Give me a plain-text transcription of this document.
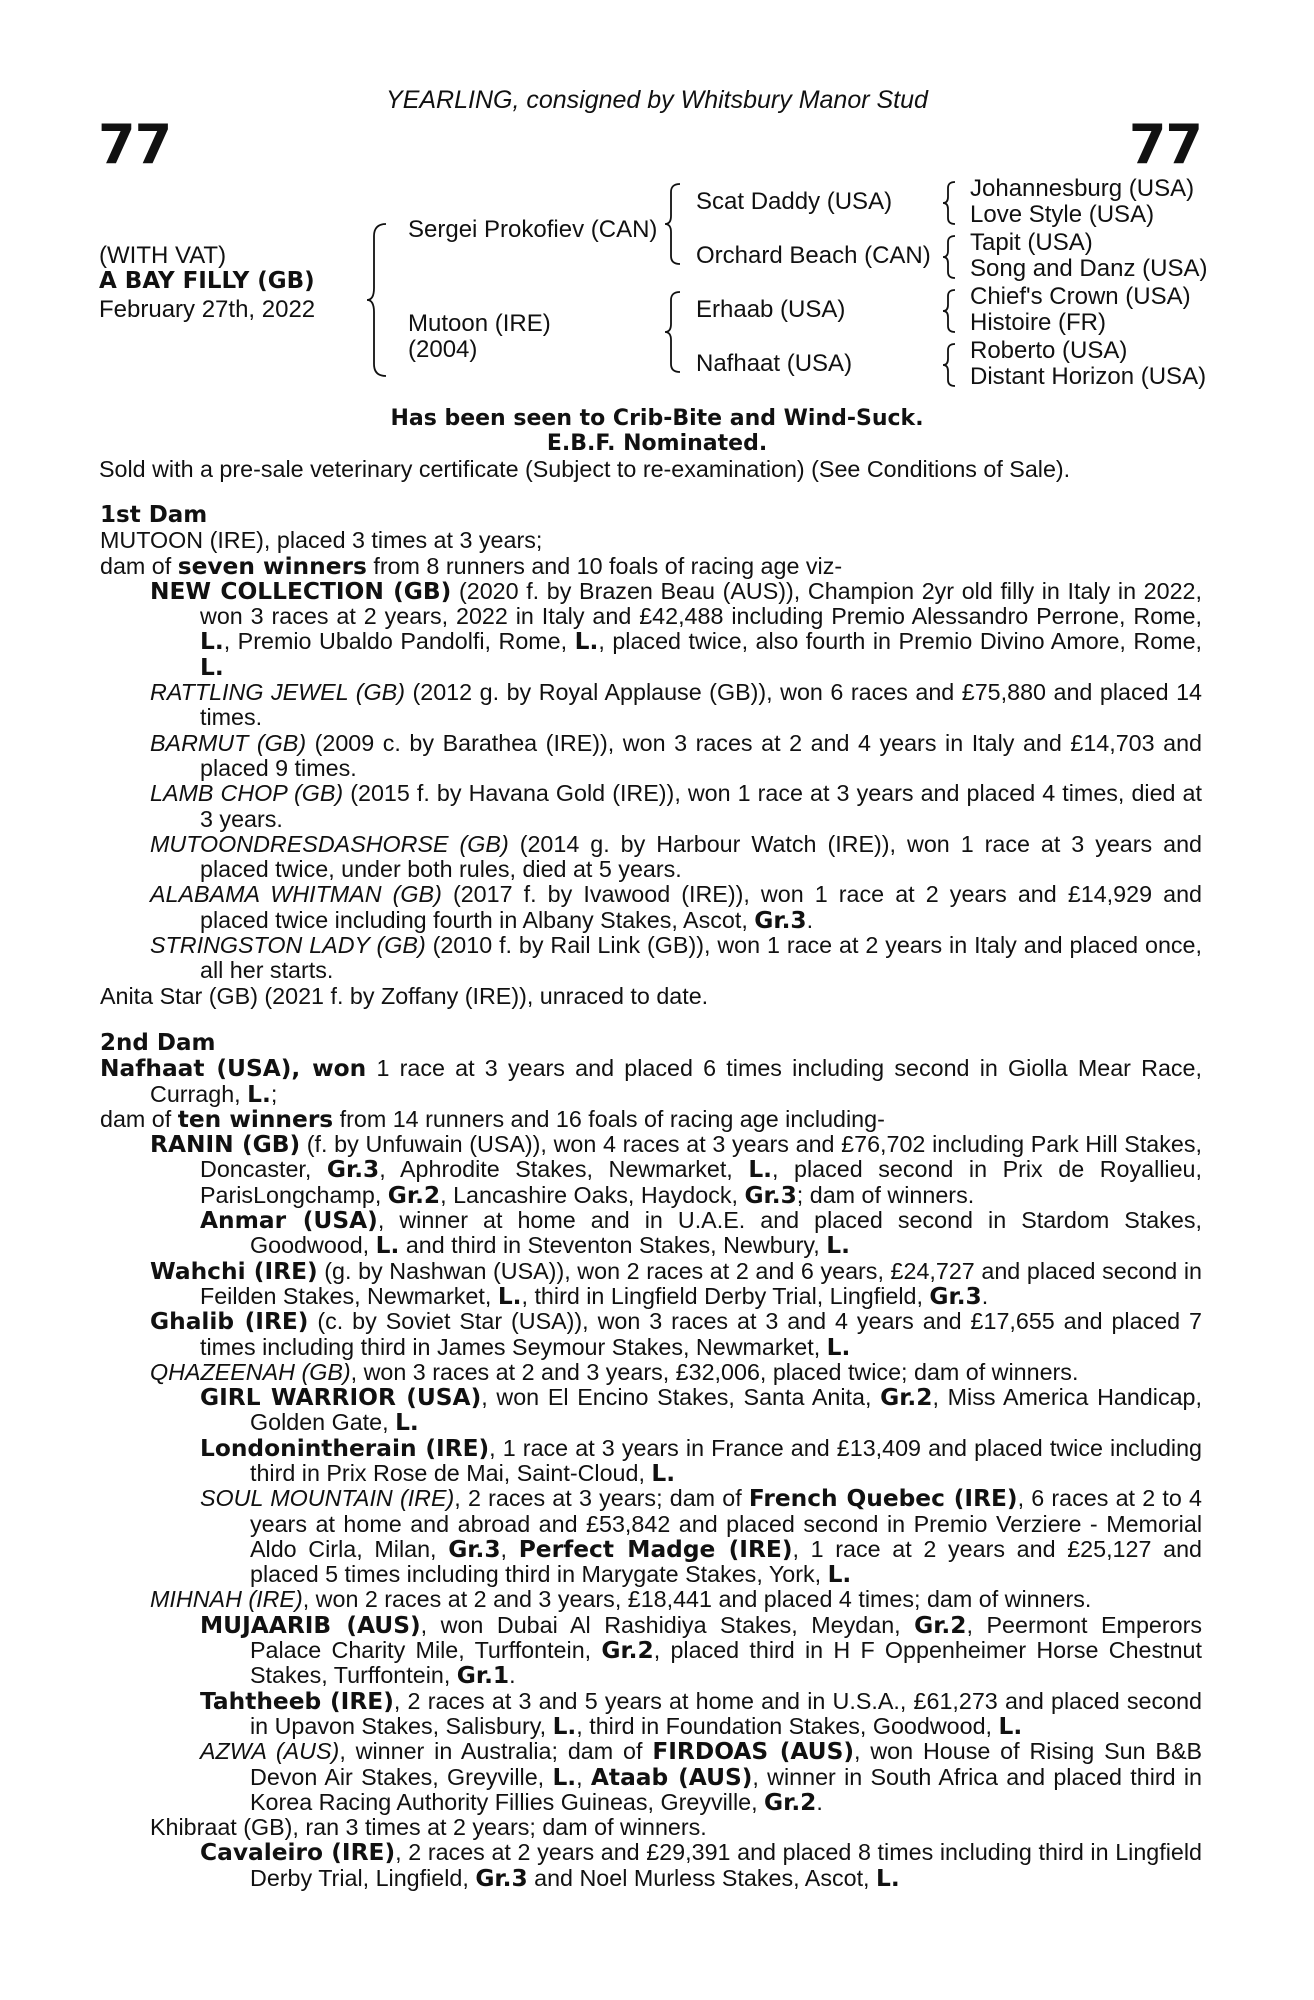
YEARLING, consigned by Whitsbury Manor Stud
77	77
(WITH VAT)
A BAY FILLY (GB)
February 27th, 2022
Sergei Prokofiev (CAN)
Mutoon (IRE)
(2004)
Scat Daddy (USA)
Orchard Beach (CAN)
Erhaab (USA)
Nafhaat (USA)
Johannesburg (USA)
Love Style (USA)
Tapit (USA)
Song and Danz (USA)
Chief's Crown (USA)
Histoire (FR)
Roberto (USA)
Distant Horizon (USA)
Has been seen to Crib-Bite and Wind-Suck.
E.B.F. Nominated.
Sold with a pre-sale veterinary certificate (Subject to re-examination) (See Conditions of Sale).
1st Dam
MUTOON (IRE), placed 3 times at 3 years;
dam of seven winners from 8 runners and 10 foals of racing age viz-
NEW COLLECTION (GB) (2020 f. by Brazen Beau (AUS)), Champion 2yr old filly in Italy in 2022, won 3 races at 2 years, 2022 in Italy and £42,488 including Premio Alessandro Perrone, Rome, L., Premio Ubaldo Pandolfi, Rome, L., placed twice, also fourth in Premio Divino Amore, Rome, L.
RATTLING JEWEL (GB) (2012 g. by Royal Applause (GB)), won 6 races and £75,880 and placed 14 times.
BARMUT (GB) (2009 c. by Barathea (IRE)), won 3 races at 2 and 4 years in Italy and £14,703 and placed 9 times.
LAMB CHOP (GB) (2015 f. by Havana Gold (IRE)), won 1 race at 3 years and placed 4 times, died at 3 years.
MUTOONDRESDASHORSE (GB) (2014 g. by Harbour Watch (IRE)), won 1 race at 3 years and placed twice, under both rules, died at 5 years.
ALABAMA WHITMAN (GB) (2017 f. by Ivawood (IRE)), won 1 race at 2 years and £14,929 and placed twice including fourth in Albany Stakes, Ascot, Gr.3.
STRINGSTON LADY (GB) (2010 f. by Rail Link (GB)), won 1 race at 2 years in Italy and placed once, all her starts.
Anita Star (GB) (2021 f. by Zoffany (IRE)), unraced to date.
2nd Dam
Nafhaat (USA), won 1 race at 3 years and placed 6 times including second in Giolla Mear Race, Curragh, L.;
dam of ten winners from 14 runners and 16 foals of racing age including-
RANIN (GB) (f. by Unfuwain (USA)), won 4 races at 3 years and £76,702 including Park Hill Stakes, Doncaster, Gr.3, Aphrodite Stakes, Newmarket, L., placed second in Prix de Royallieu, ParisLongchamp, Gr.2, Lancashire Oaks, Haydock, Gr.3; dam of winners.
Anmar (USA), winner at home and in U.A.E. and placed second in Stardom Stakes, Goodwood, L. and third in Steventon Stakes, Newbury, L.
Wahchi (IRE) (g. by Nashwan (USA)), won 2 races at 2 and 6 years, £24,727 and placed second in Feilden Stakes, Newmarket, L., third in Lingfield Derby Trial, Lingfield, Gr.3.
Ghalib (IRE) (c. by Soviet Star (USA)), won 3 races at 3 and 4 years and £17,655 and placed 7 times including third in James Seymour Stakes, Newmarket, L.
QHAZEENAH (GB), won 3 races at 2 and 3 years, £32,006, placed twice; dam of winners.
GIRL WARRIOR (USA), won El Encino Stakes, Santa Anita, Gr.2, Miss America Handicap, Golden Gate, L.
Londonintherain (IRE), 1 race at 3 years in France and £13,409 and placed twice including third in Prix Rose de Mai, Saint-Cloud, L.
SOUL MOUNTAIN (IRE), 2 races at 3 years; dam of French Quebec (IRE), 6 races at 2 to 4 years at home and abroad and £53,842 and placed second in Premio Verziere - Memorial Aldo Cirla, Milan, Gr.3, Perfect Madge (IRE), 1 race at 2 years and £25,127 and placed 5 times including third in Marygate Stakes, York, L.
MIHNAH (IRE), won 2 races at 2 and 3 years, £18,441 and placed 4 times; dam of winners.
MUJAARIB (AUS), won Dubai Al Rashidiya Stakes, Meydan, Gr.2, Peermont Emperors Palace Charity Mile, Turffontein, Gr.2, placed third in H F Oppenheimer Horse Chestnut Stakes, Turffontein, Gr.1.
Tahtheeb (IRE), 2 races at 3 and 5 years at home and in U.S.A., £61,273 and placed second in Upavon Stakes, Salisbury, L., third in Foundation Stakes, Goodwood, L.
AZWA (AUS), winner in Australia; dam of FIRDOAS (AUS), won House of Rising Sun B&B Devon Air Stakes, Greyville, L., Ataab (AUS), winner in South Africa and placed third in Korea Racing Authority Fillies Guineas, Greyville, Gr.2.
Khibraat (GB), ran 3 times at 2 years; dam of winners.
Cavaleiro (IRE), 2 races at 2 years and £29,391 and placed 8 times including third in Lingfield Derby Trial, Lingfield, Gr.3 and Noel Murless Stakes, Ascot, L.
